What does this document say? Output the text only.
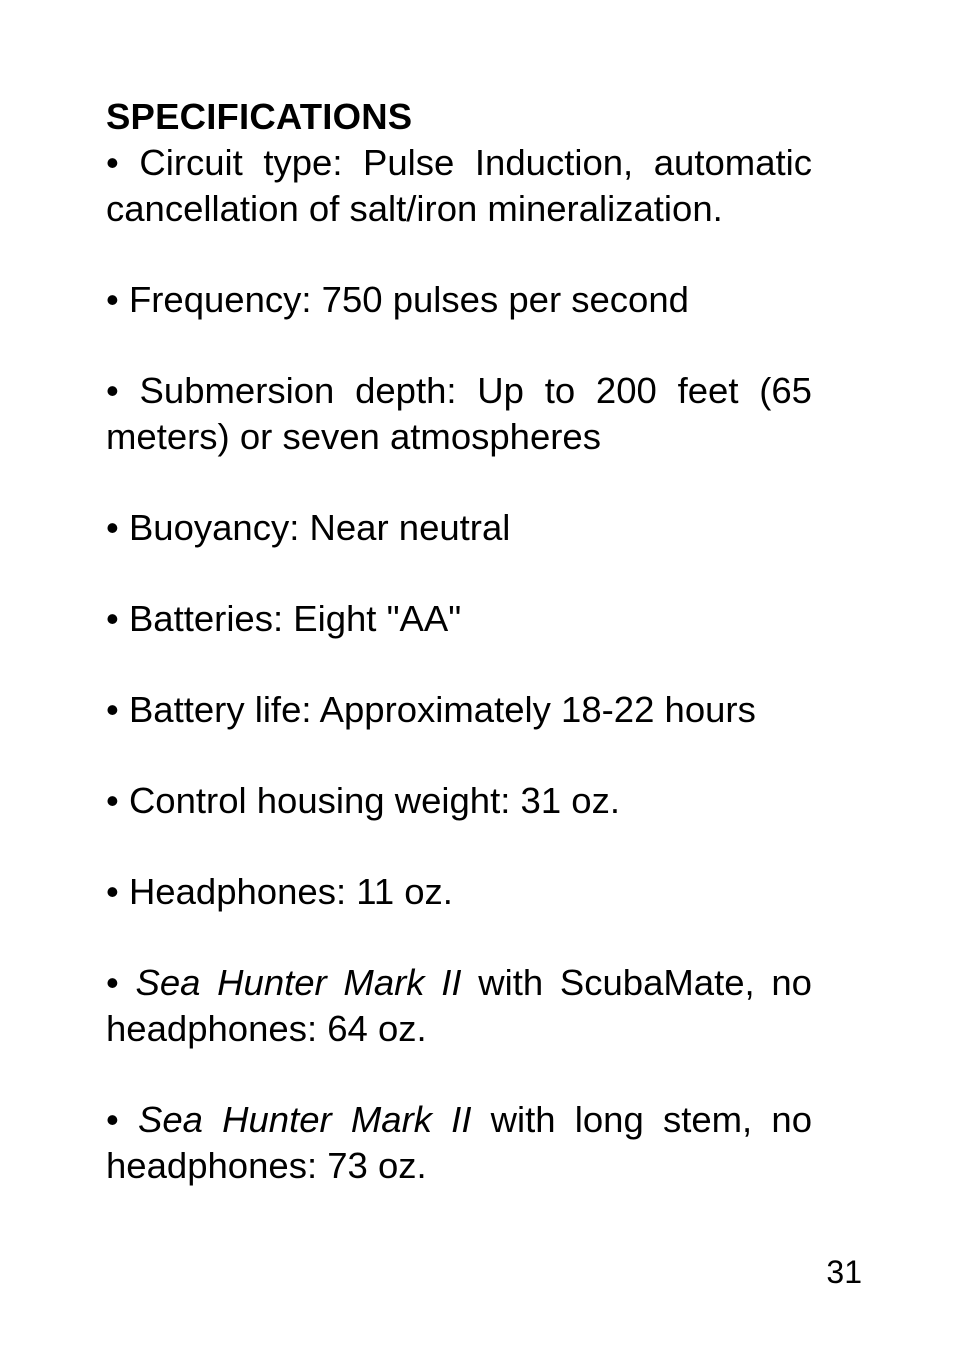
SPECIFICATIONS

• Circuit type: Pulse Induction, automatic cancellation of salt/iron mineralization.

• Frequency: 750 pulses per second

• Submersion depth: Up to 200 feet (65 meters) or seven atmospheres

• Buoyancy: Near neutral

• Batteries: Eight "AA"

• Battery life: Approximately 18-22 hours

• Control housing weight: 31 oz.

• Headphones: 11 oz.

• Sea Hunter Mark II with ScubaMate, no headphones: 64 oz.

• Sea Hunter Mark II with long stem, no headphones: 73 oz.

31
